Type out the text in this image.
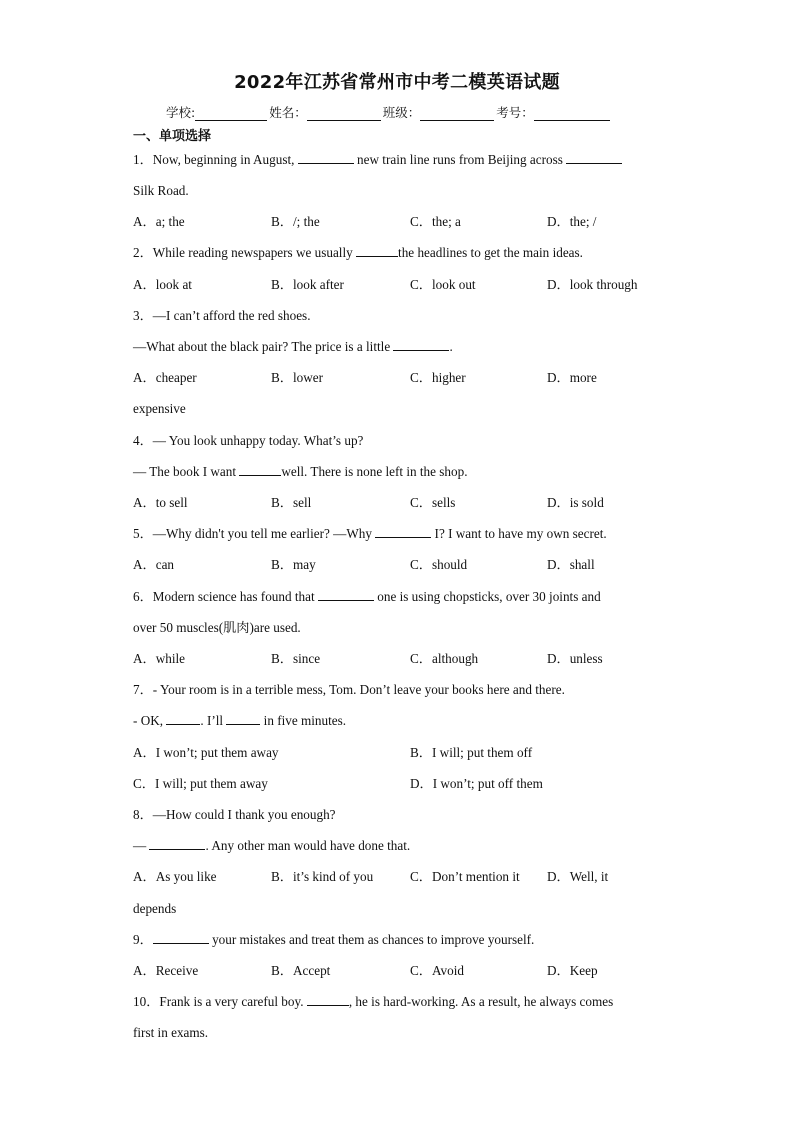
2022年江苏省常州市中考二模英语试题
学校:	姓名：	班级：	考号：
一、单项选择
1．Now, beginning in August,	new train line runs from Beijing across
Silk Road.
A．a; the	B．/; the	C．the; a	D．the; /
2．While reading newspapers we usually	the headlines to get the main ideas.
A．look at	B．look after	C．look out	D．look through
3．—I can’t afford the red shoes.
—What about the black pair? The price is a little	.
A．cheaper	B．lower	C．higher	D．more
expensive
4．— You look unhappy today. What’s up?
— The book I want	well. There is none left in the shop.
A．to sell	B．sell	C．sells	D．is sold
5．—Why didn't you tell me earlier? —Why	I? I want to have my own secret.
A．can	B．may	C．should	D．shall
6．Modern science has found that	one is using chopsticks, over 30 joints and
over 50 muscles(肌肉)are used.
A．while	B．since	C．although	D．unless
7．- Your room is in a terrible mess, Tom. Don’t leave your books here and there.
- OK,	. I’ll	in five minutes.
A．I won’t; put them away	B．I will; put them off
C．I will; put them away	D．I won’t; put off them
8．—How could I thank you enough?
—	. Any other man would have done that.
A．As you like	B．it’s kind of you	C．Don’t mention it D．Well, it
depends
9．	your mistakes and treat them as chances to improve yourself.
A．Receive	B．Accept	C．Avoid	D．Keep
10．Frank is a very careful boy.	, he is hard-working. As a result, he always comes
first in exams.
